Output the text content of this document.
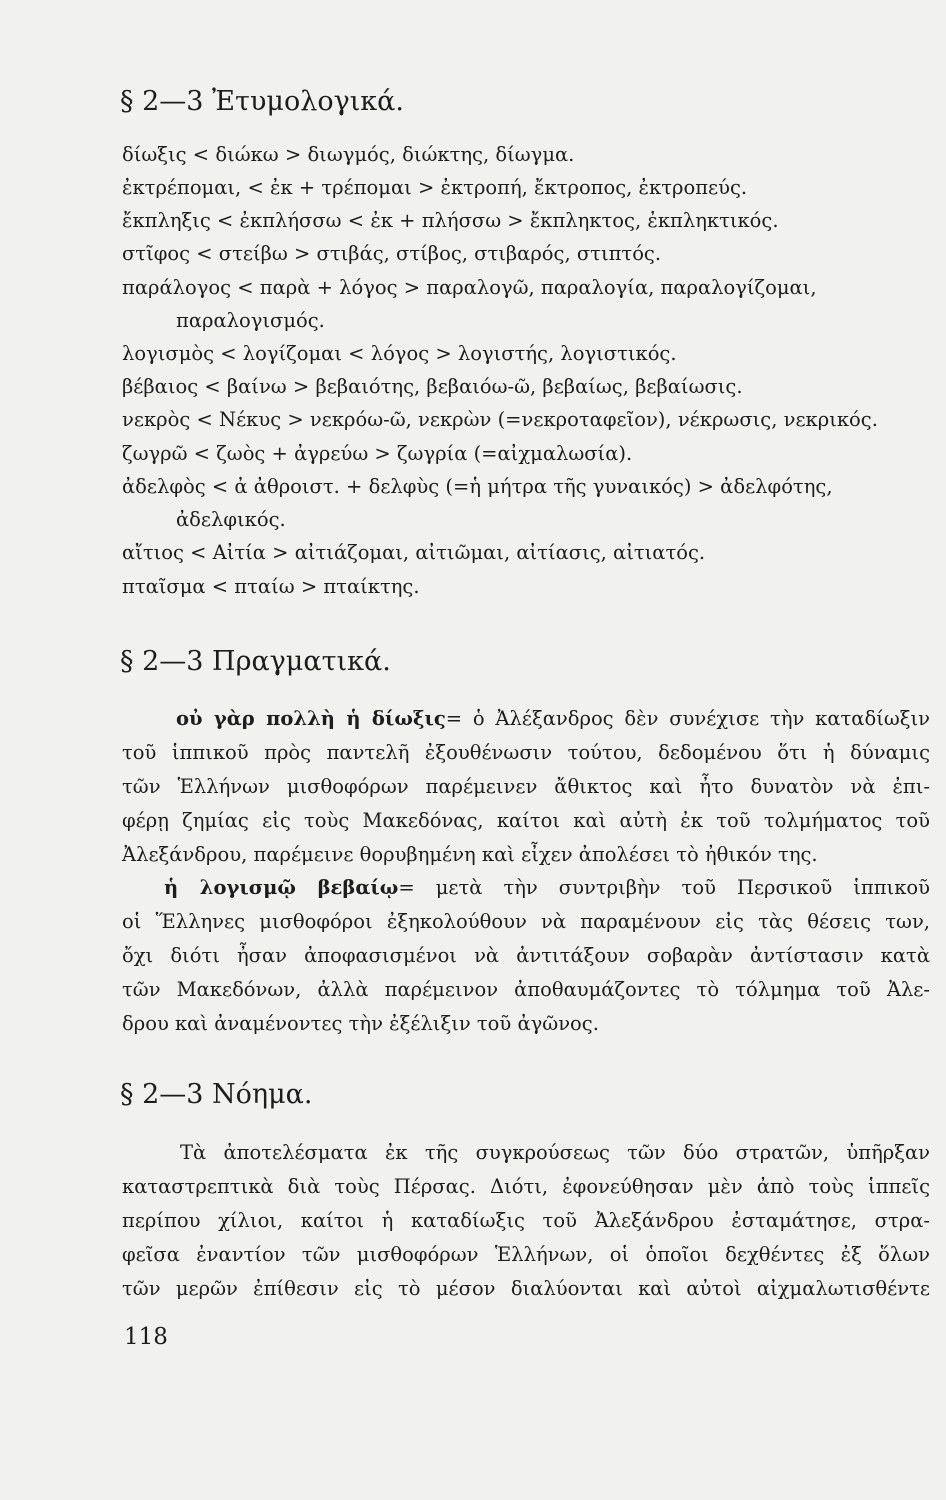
§ 2—3 Ἐτυμολογικά.
δίωξις < διώκω > διωγμός, διώκτης, δίωγμα.
ἐκτρέπομαι, < ἐκ + τρέπομαι > ἐκτροπή, ἔκτροπος, ἐκτροπεύς.
ἔκπληξις < ἐκπλήσσω < ἐκ + πλήσσω > ἔκπληκτος, ἐκπληκτικός.
στῖφος < στείβω > στιβάς, στίβος, στιβαρός, στιπτός.
παράλογος < παρὰ + λόγος > παραλογῶ, παραλογία, παραλογίζομαι,
παραλογισμός.
λογισμὸς < λογίζομαι < λόγος > λογιστής, λογιστικός.
βέβαιος < βαίνω > βεβαιότης, βεβαιόω-ῶ, βεβαίως, βεβαίωσις.
νεκρὸς < Νέκυς > νεκρόω-ῶ, νεκρὼν (=νεκροταφεῖον), νέκρωσις, νεκρικός.
ζωγρῶ < ζωὸς + ἀγρεύω > ζωγρία (=αἰχμαλωσία).
ἀδελφὸς < ἀ ἀθροιστ. + δελφὺς (=ἡ μήτρα τῆς γυναικός) > ἀδελφότης,
ἀδελφικός.
αἴτιος < Αἰτία > αἰτιάζομαι, αἰτιῶμαι, αἰτίασις, αἰτιατός.
πταῖσμα < πταίω > πταίκτης.
§ 2—3 Πραγματικά.
οὐ γὰρ πολλὴ ἡ δίωξις= ὁ Ἀλέξανδρος δὲν συνέχισε τὴν καταδίωξιν
τοῦ ἱππικοῦ πρὸς παντελῆ ἐξουθένωσιν τούτου, δεδομένου ὅτι ἡ δύναμις
τῶν Ἑλλήνων μισθοφόρων παρέμεινεν ἄθικτος καὶ ἦτο δυνατὸν νὰ ἐπι-
φέρῃ ζημίας εἰς τοὺς Μακεδόνας, καίτοι καὶ αὐτὴ ἐκ τοῦ τολμήματος τοῦ
Ἀλεξάνδρου, παρέμεινε θορυβημένη καὶ εἶχεν ἀπολέσει τὸ ἠθικόν της.
ἡ λογισμῷ βεβαίῳ= μετὰ τὴν συντριβὴν τοῦ Περσικοῦ ἱππικοῦ
οἱ Ἕλληνες μισθοφόροι ἐξηκολούθουν νὰ παραμένουν εἰς τὰς θέσεις των,
ὄχι διότι ἦσαν ἀποφασισμένοι νὰ ἀντιτάξουν σοβαρὰν ἀντίστασιν κατὰ
τῶν Μακεδόνων, ἀλλὰ παρέμεινον ἀποθαυμάζοντες τὸ τόλμημα τοῦ Ἀλε-
δρου καὶ ἀναμένοντες τὴν ἐξέλιξιν τοῦ ἀγῶνος.
§ 2—3 Νόημα.
Τὰ ἀποτελέσματα ἐκ τῆς συγκρούσεως τῶν δύο στρατῶν, ὑπῆρξαν
καταστρεπτικὰ διὰ τοὺς Πέρσας. Διότι, ἐφονεύθησαν μὲν ἀπὸ τοὺς ἱππεῖς
περίπου χίλιοι, καίτοι ἡ καταδίωξις τοῦ Ἀλεξάνδρου ἐσταμάτησε, στρα-
φεῖσα ἐναντίον τῶν μισθοφόρων Ἑλλήνων, οἱ ὁποῖοι δεχθέντες ἐξ ὅλων
τῶν μερῶν ἐπίθεσιν εἰς τὸ μέσον διαλύονται καὶ αὐτοὶ αἰχμαλωτισθέντε
118
